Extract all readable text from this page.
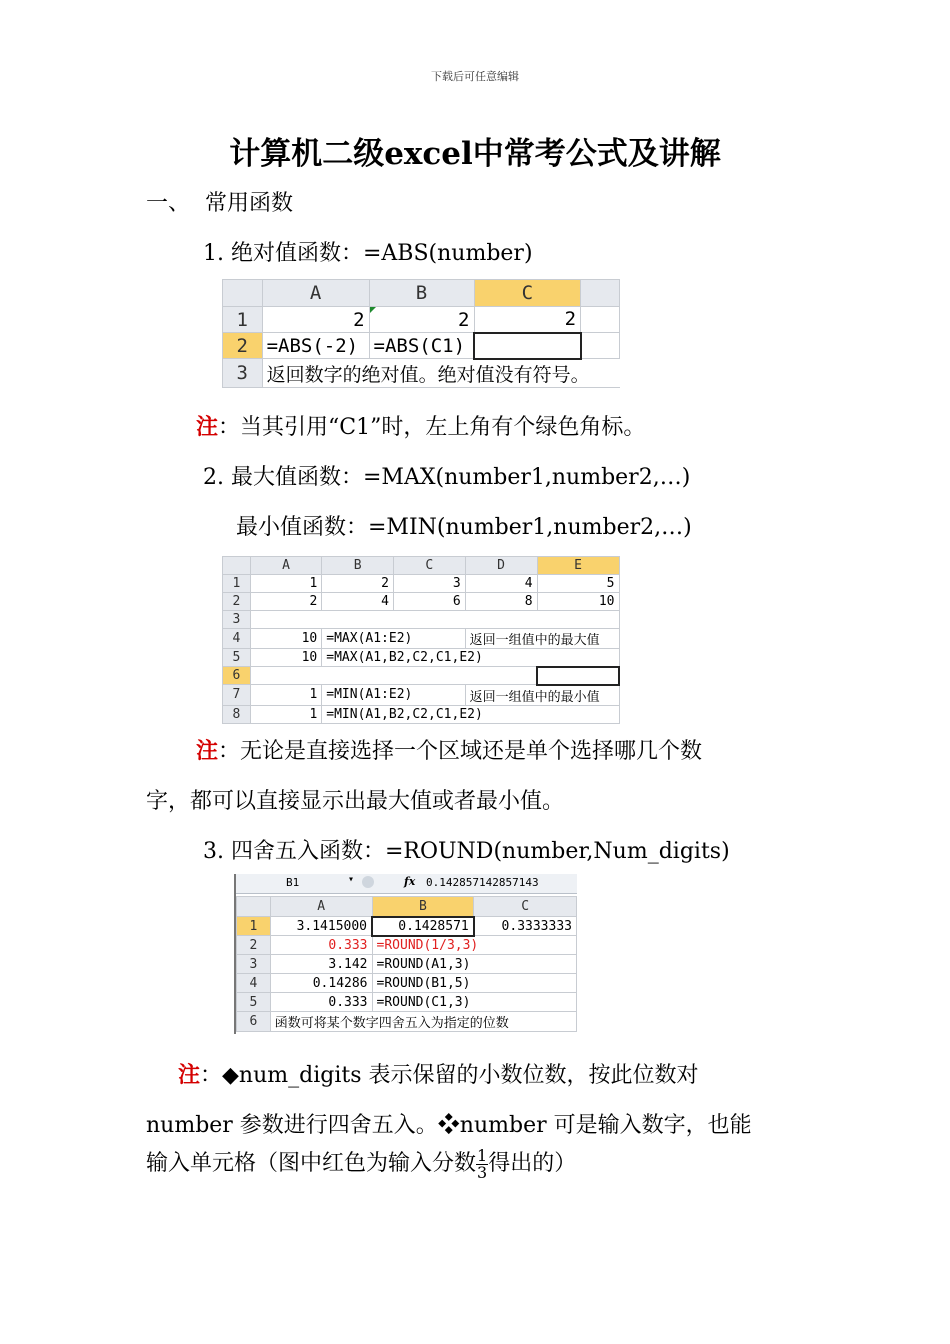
下载后可任意编辑
计算机二级excel中常考公式及讲解
一、 常用函数
1. 绝对值函数：=ABS(number)
	A	B	C	
1	2	2	2	
2	=ABS(-2)	=ABS(C1)		
3	返回数字的绝对值。绝对值没有符号。			
注：当其引用“C1”时，左上角有个绿色角标。
2. 最大值函数：=MAX(number1,number2,…)
最小值函数：=MIN(number1,number2,…)
	A	B	C	D	E
1	1	2	3	4	5
2	2	4	6	8	10
3					
4	10	=MAX(A1:E2)		返回一组值中的最大值	
5	10	=MAX(A1,B2,C2,C1,E2)			
6					
7	1	=MIN(A1:E2)		返回一组值中的最小值	
8	1	=MIN(A1,B2,C2,C1,E2)			
注：无论是直接选择一个区域还是单个选择哪几个数
字，都可以直接显示出最大值或者最小值。
3. 四舍五入函数：=ROUND(number,Num_digits)
B1	▾	fx 0.142857142857143
	A	B	C
1	3.1415000	0.1428571	0.3333333
2	0.333	=ROUND(1/3,3)	
3	3.142	=ROUND(A1,3)	
4	0.14286	=ROUND(B1,5)	
5	0.333	=ROUND(C1,3)	
6	函数可将某个数字四舍五入为指定的位数		
注：◆num_digits 表示保留的小数位数，按此位数对
number 参数进行四舍五入。❖number 可是输入数字，也能
输入单元格（图中红色为输入分数 $\frac{1}{3}$ 得出的）
